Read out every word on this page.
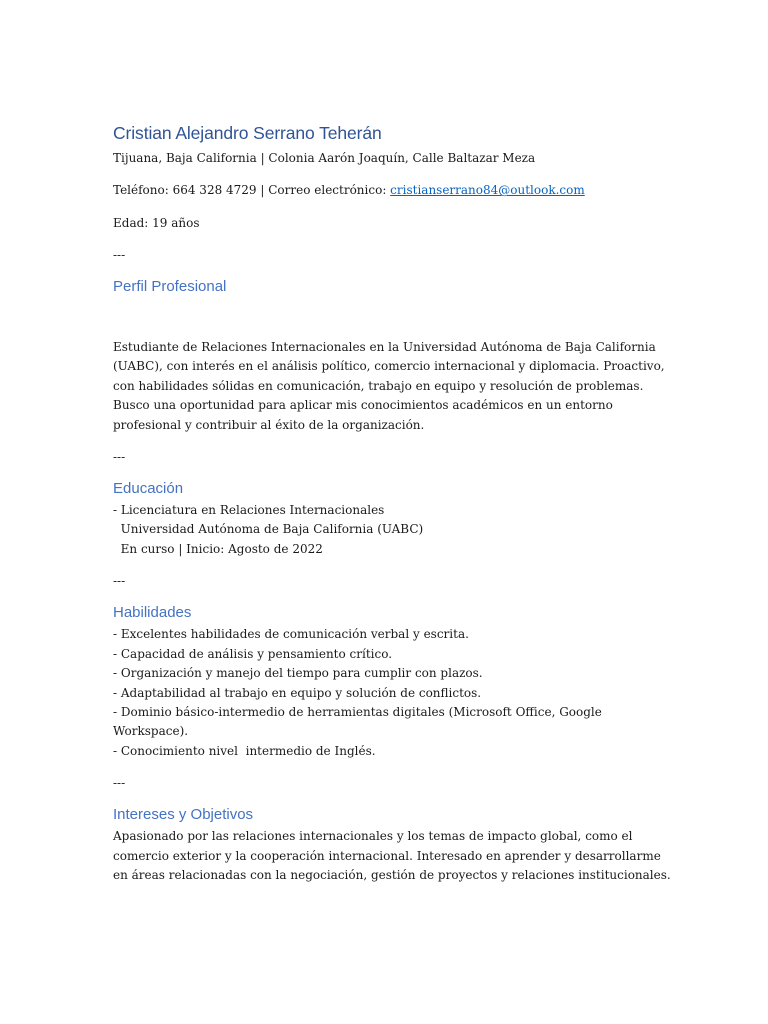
Cristian Alejandro Serrano Teherán

Tijuana, Baja California | Colonia Aarón Joaquín, Calle Baltazar Meza

Teléfono: 664 328 4729 | Correo electrónico: cristianserrano84@outlook.com

Edad: 19 años

---

Perfil Profesional

Estudiante de Relaciones Internacionales en la Universidad Autónoma de Baja California
(UABC), con interés en el análisis político, comercio internacional y diplomacia. Proactivo,
con habilidades sólidas en comunicación, trabajo en equipo y resolución de problemas.
Busco una oportunidad para aplicar mis conocimientos académicos en un entorno
profesional y contribuir al éxito de la organización.

---

Educación

- Licenciatura en Relaciones Internacionales
Universidad Autónoma de Baja California (UABC)
En curso | Inicio: Agosto de 2022

---

Habilidades

- Excelentes habilidades de comunicación verbal y escrita.
- Capacidad de análisis y pensamiento crítico.
- Organización y manejo del tiempo para cumplir con plazos.
- Adaptabilidad al trabajo en equipo y solución de conflictos.
- Dominio básico-intermedio de herramientas digitales (Microsoft Office, Google
Workspace).
- Conocimiento nivel  intermedio de Inglés.

---

Intereses y Objetivos

Apasionado por las relaciones internacionales y los temas de impacto global, como el
comercio exterior y la cooperación internacional. Interesado en aprender y desarrollarme
en áreas relacionadas con la negociación, gestión de proyectos y relaciones institucionales.
